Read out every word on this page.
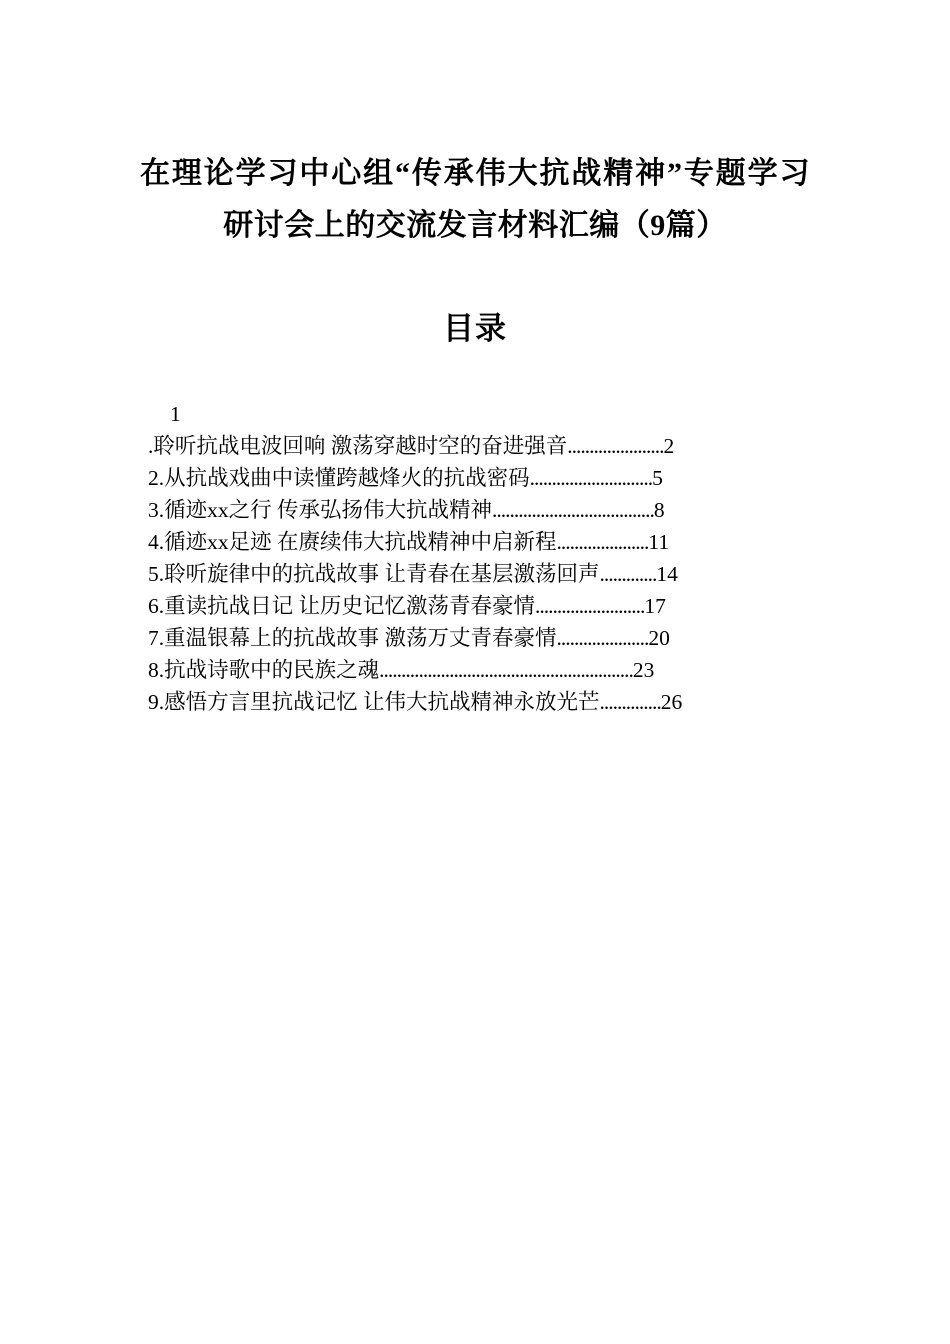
在理论学习中心组“传承伟大抗战精神”专题学习研讨会上的交流发言材料汇编（9篇）
目录
1
.聆听抗战电波回响 激荡穿越时空的奋进强音......................2
2.从抗战戏曲中读懂跨越烽火的抗战密码............................5
3.循迹xx之行 传承弘扬伟大抗战精神.....................................8
4.循迹xx足迹 在赓续伟大抗战精神中启新程.....................11
5.聆听旋律中的抗战故事 让青春在基层激荡回声.............14
6.重读抗战日记 让历史记忆激荡青春豪情.........................17
7.重温银幕上的抗战故事 激荡万丈青春豪情.....................20
8.抗战诗歌中的民族之魂..........................................................23
9.感悟方言里抗战记忆 让伟大抗战精神永放光芒..............26
